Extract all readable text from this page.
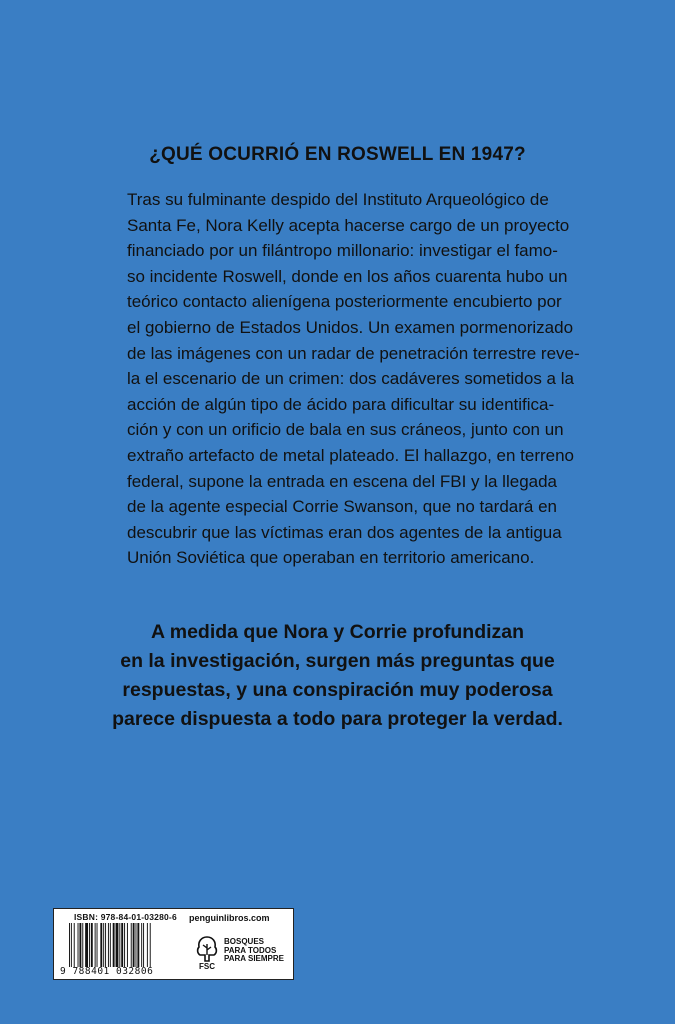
¿QUÉ OCURRIÓ EN ROSWELL EN 1947?
Tras su fulminante despido del Instituto Arqueológico de
Santa Fe, Nora Kelly acepta hacerse cargo de un proyecto
financiado por un filántropo millonario: investigar el famo-
so incidente Roswell, donde en los años cuarenta hubo un
teórico contacto alienígena posteriormente encubierto por
el gobierno de Estados Unidos. Un examen pormenorizado
de las imágenes con un radar de penetración terrestre reve-
la el escenario de un crimen: dos cadáveres sometidos a la
acción de algún tipo de ácido para dificultar su identifica-
ción y con un orificio de bala en sus cráneos, junto con un
extraño artefacto de metal plateado. El hallazgo, en terreno
federal, supone la entrada en escena del FBI y la llegada
de la agente especial Corrie Swanson, que no tardará en
descubrir que las víctimas eran dos agentes de la antigua
Unión Soviética que operaban en territorio americano.
A medida que Nora y Corrie profundizan
en la investigación, surgen más preguntas que
respuestas, y una conspiración muy poderosa
parece dispuesta a todo para proteger la verdad.
ISBN: 978-84-01-03280-6
9 788401 032806
penguinlibros.com
FSC
BOSQUES
PARA TODOS
PARA SIEMPRE
